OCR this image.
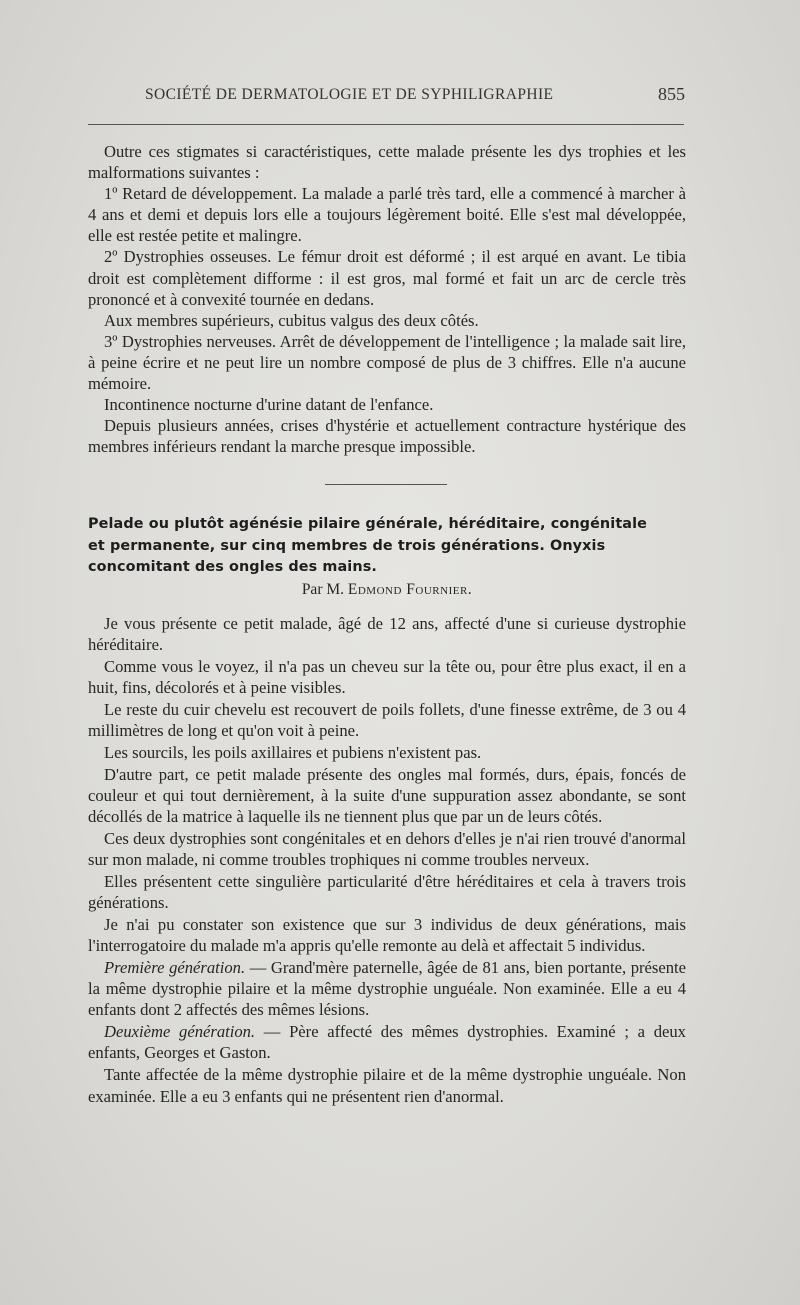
SOCIÉTÉ DE DERMATOLOGIE ET DE SYPHILIGRAPHIE	855

Outre ces stigmates si caractéristiques, cette malade présente les dys trophies et les malformations suivantes :

1º Retard de développement. La malade a parlé très tard, elle a commencé à marcher à 4 ans et demi et depuis lors elle a toujours légèrement boité. Elle s'est mal développée, elle est restée petite et malingre.

2º Dystrophies osseuses. Le fémur droit est déformé ; il est arqué en avant. Le tibia droit est complètement difforme : il est gros, mal formé et fait un arc de cercle très prononcé et à convexité tournée en dedans.

Aux membres supérieurs, cubitus valgus des deux côtés.

3º Dystrophies nerveuses. Arrêt de développement de l'intelligence ; la malade sait lire, à peine écrire et ne peut lire un nombre composé de plus de 3 chiffres. Elle n'a aucune mémoire.

Incontinence nocturne d'urine datant de l'enfance.

Depuis plusieurs années, crises d'hystérie et actuellement contracture hystérique des membres inférieurs rendant la marche presque impossible.

Pelade ou plutôt agénésie pilaire générale, héréditaire, congénitale
et permanente, sur cinq membres de trois générations. Onyxis
concomitant des ongles des mains.

Par M. Edmond Fournier.

Je vous présente ce petit malade, âgé de 12 ans, affecté d'une si curieuse dystrophie héréditaire.

Comme vous le voyez, il n'a pas un cheveu sur la tête ou, pour être plus exact, il en a huit, fins, décolorés et à peine visibles.

Le reste du cuir chevelu est recouvert de poils follets, d'une finesse extrême, de 3 ou 4 millimètres de long et qu'on voit à peine.

Les sourcils, les poils axillaires et pubiens n'existent pas.

D'autre part, ce petit malade présente des ongles mal formés, durs, épais, foncés de couleur et qui tout dernièrement, à la suite d'une suppuration assez abondante, se sont décollés de la matrice à laquelle ils ne tiennent plus que par un de leurs côtés.

Ces deux dystrophies sont congénitales et en dehors d'elles je n'ai rien trouvé d'anormal sur mon malade, ni comme troubles trophiques ni comme troubles nerveux.

Elles présentent cette singulière particularité d'être héréditaires et cela à travers trois générations.

Je n'ai pu constater son existence que sur 3 individus de deux générations, mais l'interrogatoire du malade m'a appris qu'elle remonte au delà et affectait 5 individus.

Première génération. — Grand'mère paternelle, âgée de 81 ans, bien portante, présente la même dystrophie pilaire et la même dystrophie unguéale. Non examinée. Elle a eu 4 enfants dont 2 affectés des mêmes lésions.

Deuxième génération. — Père affecté des mêmes dystrophies. Examiné ; a deux enfants, Georges et Gaston.

Tante affectée de la même dystrophie pilaire et de la même dystrophie unguéale. Non examinée. Elle a eu 3 enfants qui ne présentent rien d'anormal.
